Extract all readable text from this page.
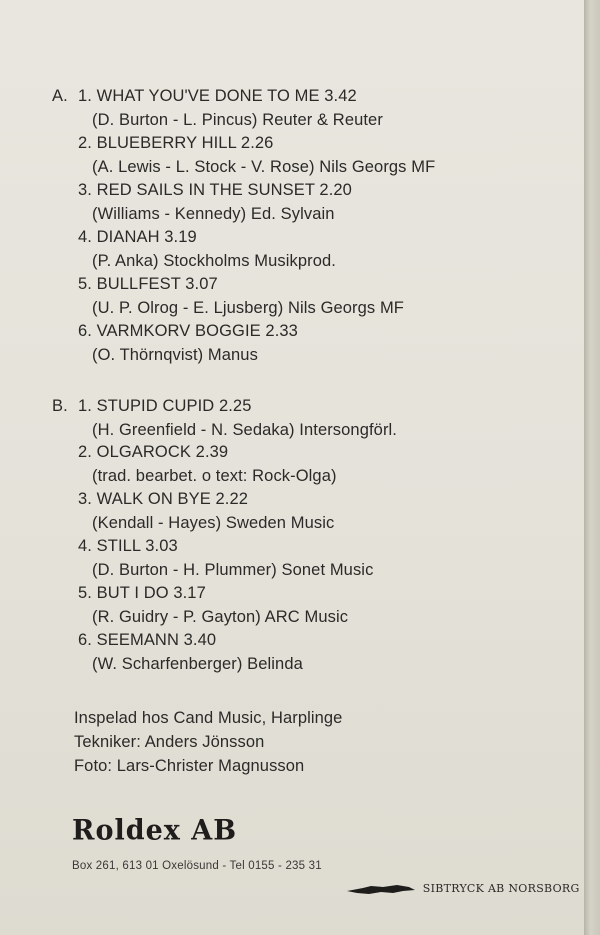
A. 1. WHAT YOU'VE DONE TO ME 3.42
(D. Burton - L. Pincus) Reuter & Reuter
2. BLUEBERRY HILL 2.26
(A. Lewis - L. Stock - V. Rose) Nils Georgs MF
3. RED SAILS IN THE SUNSET 2.20
(Williams - Kennedy) Ed. Sylvain
4. DIANAH 3.19
(P. Anka) Stockholms Musikprod.
5. BULLFEST 3.07
(U. P. Olrog - E. Ljusberg) Nils Georgs MF
6. VARMKORV BOGGIE 2.33
(O. Thörnqvist) Manus
B. 1. STUPID CUPID 2.25
(H. Greenfield - N. Sedaka) Intersongförl.
2. OLGAROCK 2.39
(trad. bearbet. o text: Rock-Olga)
3. WALK ON BYE 2.22
(Kendall - Hayes) Sweden Music
4. STILL 3.03
(D. Burton - H. Plummer) Sonet Music
5. BUT I DO 3.17
(R. Guidry - P. Gayton) ARC Music
6. SEEMANN 3.40
(W. Scharfenberger) Belinda
Inspelad hos Cand Music, Harplinge
Tekniker: Anders Jönsson
Foto: Lars-Christer Magnusson
Roldex AB
Box 261, 613 01 Oxelösund - Tel 0155 - 235 31
SIBTRYCK AB NORSBORG
